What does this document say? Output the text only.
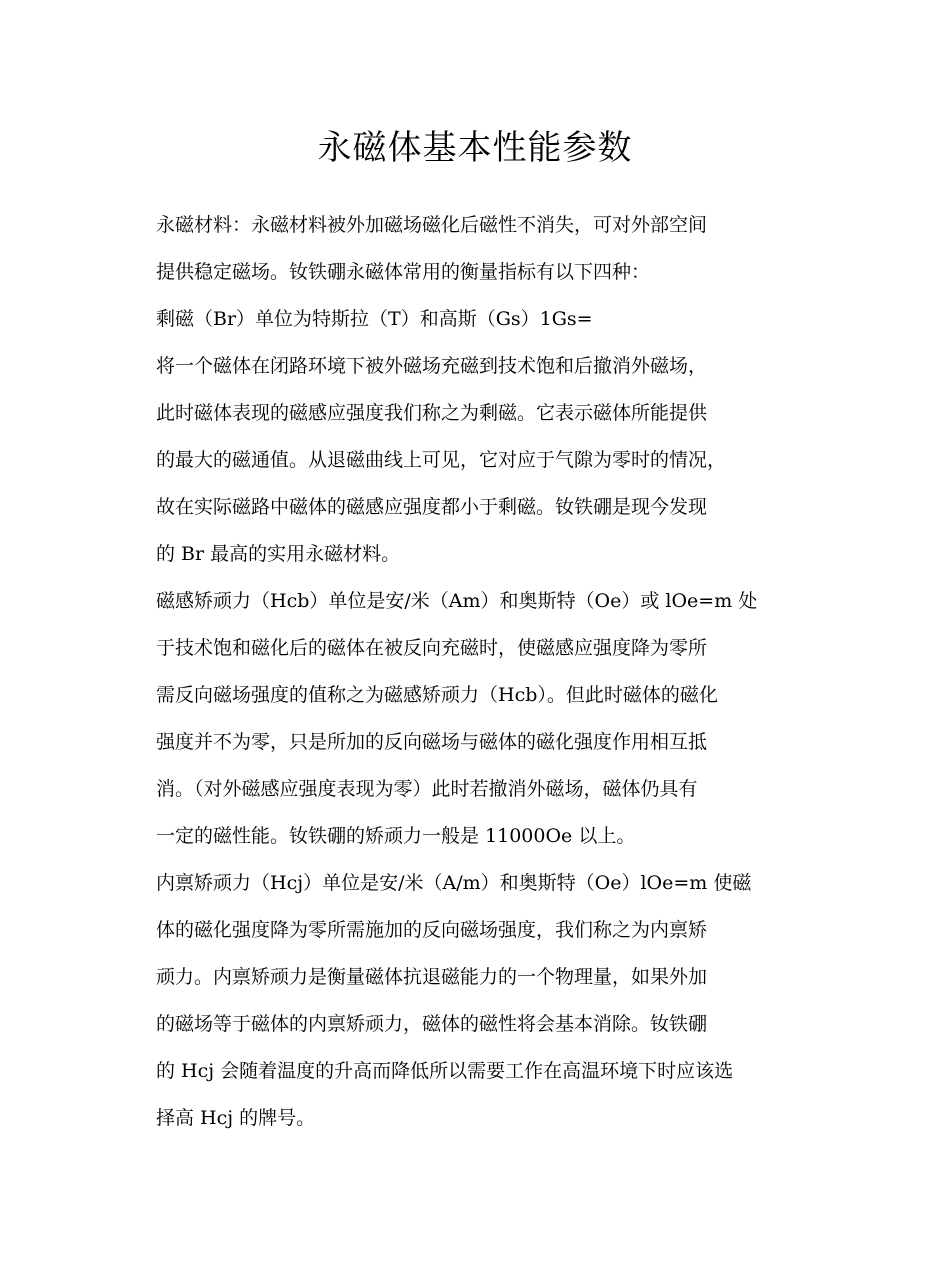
永磁体基本性能参数
永磁材料：永磁材料被外加磁场磁化后磁性不消失，可对外部空间
提供稳定磁场。钕铁硼永磁体常用的衡量指标有以下四种：
剩磁（Br）单位为特斯拉（T）和高斯（Gs）1Gs=
将一个磁体在闭路环境下被外磁场充磁到技术饱和后撤消外磁场，
此时磁体表现的磁感应强度我们称之为剩磁。它表示磁体所能提供
的最大的磁通值。从退磁曲线上可见，它对应于气隙为零时的情况，
故在实际磁路中磁体的磁感应强度都小于剩磁。钕铁硼是现今发现
的 Br 最高的实用永磁材料。
磁感矫顽力（Hcb）单位是安/米（Am）和奥斯特（Oe）或 lOe=m 处
于技术饱和磁化后的磁体在被反向充磁时，使磁感应强度降为零所
需反向磁场强度的值称之为磁感矫顽力（Hcb）。但此时磁体的磁化
强度并不为零，只是所加的反向磁场与磁体的磁化强度作用相互抵
消。（对外磁感应强度表现为零）此时若撤消外磁场，磁体仍具有
一定的磁性能。钕铁硼的矫顽力一般是 11000Oe 以上。
内禀矫顽力（Hcj）单位是安/米（A/m）和奥斯特（Oe）lOe=m 使磁
体的磁化强度降为零所需施加的反向磁场强度，我们称之为内禀矫
顽力。内禀矫顽力是衡量磁体抗退磁能力的一个物理量，如果外加
的磁场等于磁体的内禀矫顽力，磁体的磁性将会基本消除。钕铁硼
的 Hcj 会随着温度的升高而降低所以需要工作在高温环境下时应该选
择高 Hcj 的牌号。
